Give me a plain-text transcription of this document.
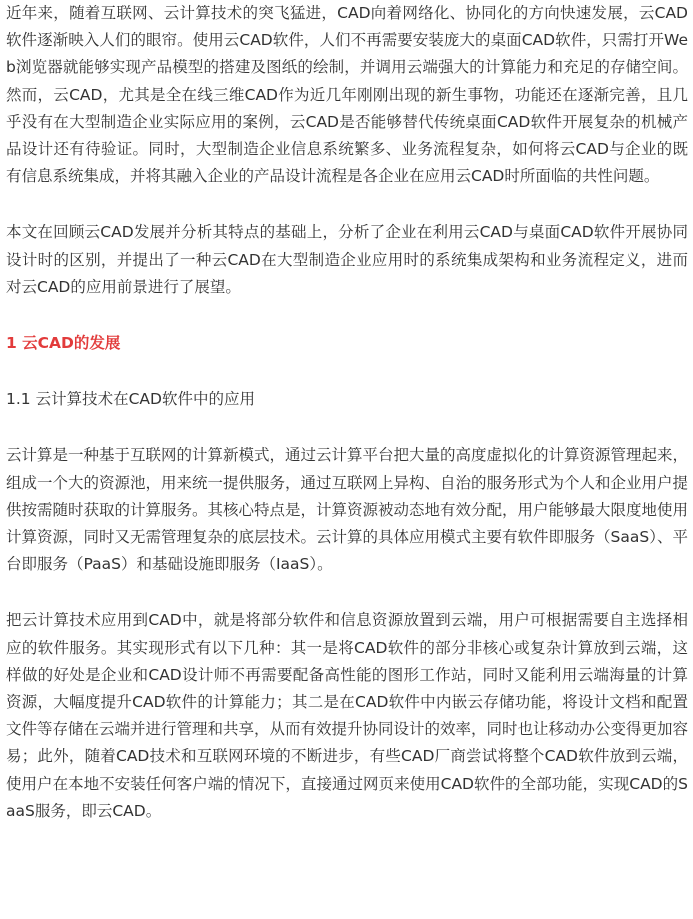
近年来，随着互联网、云计算技术的突飞猛进，CAD向着网络化、协同化的方向快速发展，云CAD软件逐渐映入人们的眼帘。使用云CAD软件，人们不再需要安装庞大的桌面CAD软件，只需打开Web浏览器就能够实现产品模型的搭建及图纸的绘制，并调用云端强大的计算能力和充足的存储空间。然而，云CAD，尤其是全在线三维CAD作为近几年刚刚出现的新生事物，功能还在逐渐完善，且几乎没有在大型制造企业实际应用的案例，云CAD是否能够替代传统桌面CAD软件开展复杂的机械产品设计还有待验证。同时，大型制造企业信息系统繁多、业务流程复杂，如何将云CAD与企业的既有信息系统集成，并将其融入企业的产品设计流程是各企业在应用云CAD时所面临的共性问题。

本文在回顾云CAD发展并分析其特点的基础上，分析了企业在利用云CAD与桌面CAD软件开展协同设计时的区别，并提出了一种云CAD在大型制造企业应用时的系统集成架构和业务流程定义，进而对云CAD的应用前景进行了展望。

1 云CAD的发展
1.1 云计算技术在CAD软件中的应用

云计算是一种基于互联网的计算新模式，通过云计算平台把大量的高度虚拟化的计算资源管理起来，组成一个大的资源池，用来统一提供服务，通过互联网上异构、自治的服务形式为个人和企业用户提供按需随时获取的计算服务。其核心特点是，计算资源被动态地有效分配，用户能够最大限度地使用计算资源，同时又无需管理复杂的底层技术。云计算的具体应用模式主要有软件即服务（SaaS）、平台即服务（PaaS）和基础设施即服务（IaaS）。

把云计算技术应用到CAD中，就是将部分软件和信息资源放置到云端，用户可根据需要自主选择相应的软件服务。其实现形式有以下几种：其一是将CAD软件的部分非核心或复杂计算放到云端，这样做的好处是企业和CAD设计师不再需要配备高性能的图形工作站，同时又能利用云端海量的计算资源，大幅度提升CAD软件的计算能力；其二是在CAD软件中内嵌云存储功能，将设计文档和配置文件等存储在云端并进行管理和共享，从而有效提升协同设计的效率，同时也让移动办公变得更加容易；此外，随着CAD技术和互联网环境的不断进步，有些CAD厂商尝试将整个CAD软件放到云端，使用户在本地不安装任何客户端的情况下，直接通过网页来使用CAD软件的全部功能，实现CAD的SaaS服务，即云CAD。
